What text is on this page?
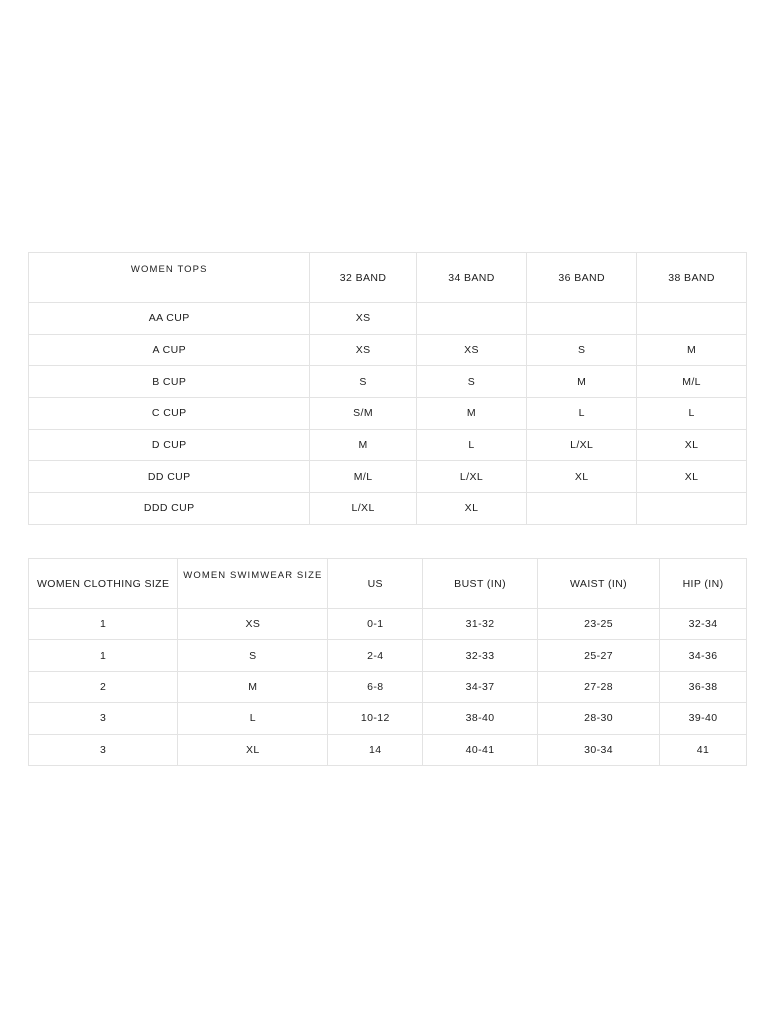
WOMEN TOPS	32 BAND	34 BAND	36 BAND	38 BAND
AA CUP	XS			
A CUP	XS	XS	S	M
B CUP	S	S	M	M/L
C CUP	S/M	M	L	L
D CUP	M	L	L/XL	XL
DD CUP	M/L	L/XL	XL	XL
DDD CUP	L/XL	XL		
WOMEN CLOTHING SIZE	WOMEN SWIMWEAR SIZE	US	BUST (IN)	WAIST (IN)	HIP (IN)
1	XS	0-1	31-32	23-25	32-34
1	S	2-4	32-33	25-27	34-36
2	M	6-8	34-37	27-28	36-38
3	L	10-12	38-40	28-30	39-40
3	XL	14	40-41	30-34	41
